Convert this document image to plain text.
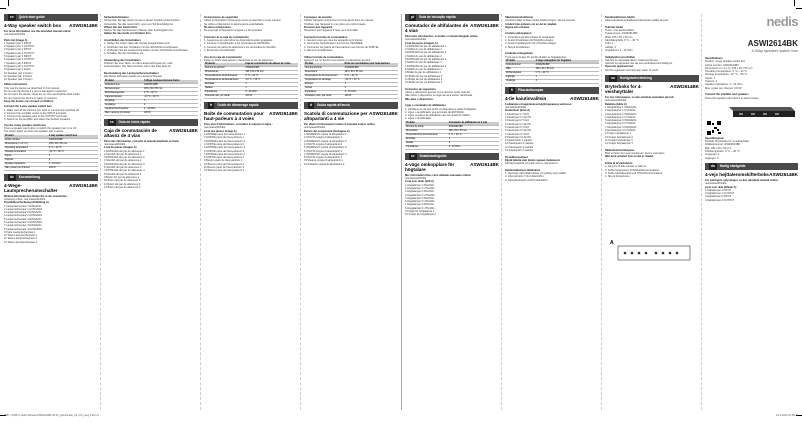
en	Quick start guide
4-Way speaker switch box ASWI2614BK

For more information see the extended manual online:

ned.is/aswi2614bk

Parts list (image A)

1 Speaker pair 1 INPUT

2 Speaker pair 1 OUTPUT

3 Speaker pair 2 INPUT

4 Speaker pair 2 OUTPUT

5 Speaker pair 3 INPUT

6 Speaker pair 3 OUTPUT

7 Speaker pair 4 INPUT

8 Speaker pair 4 OUTPUT

9 Speaker pair 1 button

10 Speaker pair 2 button

11 Speaker pair 3 button

12 Speaker pair 4 button

Safety instructions

Only use the device as described in this manual.

Do not use the device if a part is damaged or defective.

Do not open the device; there are no user serviceable parts inside.

Do not expose the device to water or moisture.

Keep the device out of reach of children.

Connect the 4-way speaker switch box

1. Make sure all the devices you want to connect are switched off.

2. Connect the amplifier output to the INPUT terminals.

3. Connect the speaker pairs to the OUTPUT terminals.

4. Switch on the amplifier and select the desired speakers.

Use the 4-way speaker switch box

Press a speaker pair button to switch the speaker pair on or off.

The button lights up when the speaker pair is active.

Product	4-way speaker switch box
Article number	ASWI2614BK
Dimensions (l x w x h)	195 x 60 x 55 mm
Operating temperature	0 °C ~ 40 °C
Storage temperature	-10 °C ~ 50 °C
Inputs	1
Outputs	4
Speaker impedance	4 - 16 Ohm
Max. power per channel	100 W
de	Kurzanleitung
4-Wege-Lautsprecherumschalter
ASWI2614BK

Weitere Informationen finden Sie in der erweiterten

Anleitung online: ned.is/aswi2614bk

Produktbeschreibung (Abbildung A)

1 Lautsprecherpaar 1 EINGANG

2 Lautsprecherpaar 1 AUSGANG

3 Lautsprecherpaar 2 EINGANG

4 Lautsprecherpaar 2 AUSGANG

5 Lautsprecherpaar 3 EINGANG

6 Lautsprecherpaar 3 AUSGANG

7 Lautsprecherpaar 4 EINGANG

8 Lautsprecherpaar 4 AUSGANG

9 Taste Lautsprecherpaar 1

10 Taste Lautsprecherpaar 2

11 Taste Lautsprecherpaar 3

12 Taste Lautsprecherpaar 4

Sicherheitshinweise

Verwenden Sie das Gerät nur wie in dieser Anleitung beschrieben.

Verwenden Sie das Gerät nicht, wenn ein Teil beschädigt ist.

Öffnen Sie das Gerät nicht.

Setzen Sie das Gerät keinem Wasser oder Feuchtigkeit aus.

Halten Sie das Gerät von Kindern fern.

Anschließen des Umschalters

1. Stellen Sie sicher, dass alle Geräte ausgeschaltet sind.

2. Verbinden Sie den Verstärker mit den EINGANG-Anschlüssen.

3. Verbinden Sie die Lautsprecherpaare mit den AUSGANG-Anschlüssen.

4. Schalten Sie den Verstärker ein.

Verwendung des Umschalters

Drücken Sie eine Taste, um das Lautsprecherpaar ein- oder

auszuschalten. Die Taste leuchtet, wenn das Paar aktiv ist.

Beschreibung des Lautsprecherumschalters

Die Tasten aktivieren jeweils ein Lautsprecherpaar.

Produkt	4-Wege-Lautsprecherumschalter
Artikelnummer	ASWI2614BK
Abmessungen	195 x 60 x 55 mm
Betriebstemperatur	0 °C ~ 40 °C
Lagertemperatur	-10 °C ~ 50 °C
Eingänge	1
Ausgänge	4
Lautsprecherimpedanz	4 - 16 Ohm
Max. Leistung pro Kanal	100 W
es	Guía de inicio rápido
Caja de conmutación de altavoz de 4 vías
ASWI2614BK

Para más información, consulte el manual ampliado en línea:

ned.is/aswi2614bk

Lista de piezas (imagen A)

1 ENTRADA del par de altavoces 1

2 SALIDA del par de altavoces 1

3 ENTRADA del par de altavoces 2

4 SALIDA del par de altavoces 2

5 ENTRADA del par de altavoces 3

6 SALIDA del par de altavoces 3

7 ENTRADA del par de altavoces 4

8 SALIDA del par de altavoces 4

9 Botón del par de altavoces 1

10 Botón del par de altavoces 2

11 Botón del par de altavoces 3

12 Botón del par de altavoces 4

Instrucciones de seguridad

Utilice el dispositivo únicamente como se describe en este manual.

No utilice el dispositivo si alguna pieza está dañada.

No abra el dispositivo.

No exponga el dispositivo al agua o a la humedad.

Conexión de la caja de conmutación

1. Asegúrese de que todos los dispositivos estén apagados.

2. Conecte el amplificador a los terminales de ENTRADA.

3. Conecte los pares de altavoces a los terminales de SALIDA.

4. Encienda el amplificador.

Uso de la caja de conmutación

Pulse un botón para activar o desactivar el par de altavoces.

Producto	Caja de conmutación de altavoz de 4 vías
Número de artículo	ASWI2614BK
Dimensiones	195 x 60 x 55 mm
Temperatura de funcionamiento	0 °C ~ 40 °C
Temperatura de almacenamiento	-10 °C ~ 50 °C
Entradas	1
Salidas	4
Impedancia	4 - 16 Ohm
Potencia máx. por canal	100 W
fr	Guide de démarrage rapide
Boîte de commutation pour haut-parleurs à 4 voies
ASWI2614BK

Pour plus d'informations, consultez le manuel en ligne :

ned.is/aswi2614bk

Liste des pièces (image A)

1 ENTRÉE paire de haut-parleurs 1

2 SORTIE paire de haut-parleurs 1

3 ENTRÉE paire de haut-parleurs 2

4 SORTIE paire de haut-parleurs 2

5 ENTRÉE paire de haut-parleurs 3

6 SORTIE paire de haut-parleurs 3

7 ENTRÉE paire de haut-parleurs 4

8 SORTIE paire de haut-parleurs 4

9 Bouton paire de haut-parleurs 1

10 Bouton paire de haut-parleurs 2

11 Bouton paire de haut-parleurs 3

12 Bouton paire de haut-parleurs 4

Consignes de sécurité

Utilisez l'appareil uniquement comme décrit dans ce manuel.

N'utilisez pas l'appareil si une pièce est endommagée.

N'ouvrez pas l'appareil.

N'exposez pas l'appareil à l'eau ou à l'humidité.

Connecter la boîte de commutation

1. Assurez-vous que tous les appareils sont éteints.

2. Connectez l'amplificateur aux bornes d'ENTRÉE.

3. Connectez les paires de haut-parleurs aux bornes de SORTIE.

4. Allumez l'amplificateur.

Utiliser la boîte de commutation

Appuyez sur un bouton pour activer ou désactiver la paire.

Produit	Boîte de commutation pour haut-parleurs
Numéro d'article	ASWI2614BK
Dimensions	195 x 60 x 55 mm
Température de fonctionnement	0 °C ~ 40 °C
Température de stockage	-10 °C ~ 50 °C
Entrées	1
Sorties	4
Impédance	4 - 16 Ohm
Puissance max. par canal	100 W
it	Guida rapida all'avvio
Scatola di commutazione per altoparlanti a 4 vie
ASWI2614BK

Per ulteriori informazioni vedere il manuale esteso online:

ned.is/aswi2614bk

Elenco dei componenti (immagine A)

1 INGRESSO coppia di altoparlanti 1

2 USCITA coppia di altoparlanti 1

3 INGRESSO coppia di altoparlanti 2

4 USCITA coppia di altoparlanti 2

5 INGRESSO coppia di altoparlanti 3

6 USCITA coppia di altoparlanti 3

7 INGRESSO coppia di altoparlanti 4

8 USCITA coppia di altoparlanti 4

9 Pulsante coppia di altoparlanti 1

10 Pulsante coppia di altoparlanti 2

pt	Guia de iniciação rápida
Comutador de altifalantes de 4 vias
ASWI2614BK

Para mais informações, consulte o manual alargado online:

ned.is/aswi2614bk

Lista de peças (imagem A)

1 ENTRADA do par de altifalantes 1

2 SAÍDA do par de altifalantes 1

3 ENTRADA do par de altifalantes 2

4 SAÍDA do par de altifalantes 2

5 ENTRADA do par de altifalantes 3

6 SAÍDA do par de altifalantes 3

7 ENTRADA do par de altifalantes 4

8 SAÍDA do par de altifalantes 4

9 Botão do par de altifalantes 1

10 Botão do par de altifalantes 2

11 Botão do par de altifalantes 3

12 Botão do par de altifalantes 4

Instruções de segurança

Utilize o dispositivo apenas como descrito neste manual.

Não utilize o dispositivo se alguma peça estiver danificada.

Não abra o dispositivo.

Ligar o comutador de altifalantes

1. Certifique-se de que todos os dispositivos estão desligados.

2. Ligue o amplificador aos terminais de ENTRADA.

3. Ligue os pares de altifalantes aos terminais de SAÍDA.

4. Ligue o amplificador.

Produto	Comutador de altifalantes de 4 vias
Número de artigo	ASWI2614BK
Dimensões	195 x 60 x 55 mm
Temperatura de funcionamento	0 °C ~ 40 °C
Entradas	1
Saídas	4
Impedância	4 - 16 Ohm
sv	Snabbstartsguide
4-vägs omkopplare för högtalare
ASWI2614BK

Mer information finns i den utökade manualen online:

ned.is/aswi2614bk

Lista över delar (bild A)

1 Högtalarpar 1 INGÅNG

2 Högtalarpar 1 UTGÅNG

3 Högtalarpar 2 INGÅNG

4 Högtalarpar 2 UTGÅNG

5 Högtalarpar 3 INGÅNG

6 Högtalarpar 3 UTGÅNG

7 Högtalarpar 4 INGÅNG

8 Högtalarpar 4 UTGÅNG

9 Knapp för högtalarpar 1

10 Knapp för högtalarpar 2

Säkerhetsinstruktioner

Använd endast enheten enligt beskrivningen i denna manual.

Använd inte enheten om en del är skadad.

Öppna inte enheten.

Ansluta omkopplaren

1. Kontrollera att alla enheter är avstängda.

2. Anslut förstärkaren till INGÅNG-uttagen.

3. Anslut högtalarparen till UTGÅNG-uttagen.

4. Slå på förstärkaren.

Använda omkopplaren

Tryck på en knapp för att slå på eller av högtalarparet.

Produkt	4-vägs omkopplare för högtalare
Artikelnummer	ASWI2614BK
Mått	195 x 60 x 55 mm
Drifttemperatur	0 °C ~ 40 °C
Ingångar	1
Utgångar	4
fi	Pika-aloitusopas
4-tie kaiutinvalitsin	ASWI2614BK

Lisätietoja on laajemmassa käyttöoppaassa verkossa:

ned.is/aswi2614bk

Osaluettelo (kuva A)

1 Kaiutinpari 1 TULO

2 Kaiutinpari 1 LÄHTÖ

3 Kaiutinpari 2 TULO

4 Kaiutinpari 2 LÄHTÖ

5 Kaiutinpari 3 TULO

6 Kaiutinpari 3 LÄHTÖ

7 Kaiutinpari 4 TULO

8 Kaiutinpari 4 LÄHTÖ

9 Kaiutinparin 1 painike

10 Kaiutinparin 2 painike

11 Kaiutinparin 3 painike

12 Kaiutinparin 4 painike

Turvallisuusohjeet

Käytä laitetta vain tämän oppaan mukaisesti.

Älä käytä laitetta, jos jokin osa on vaurioitunut.

Kaiutinvalitsimen liittäminen

1. Varmista, että kaikki laitteet on kytketty pois päältä.

2. Liitä vahvistin TULO-liitäntöihin.

3. Liitä kaiutinparit LÄHTÖ-liitäntöihin.

Kaiutinvalitsimen käyttö

Paina painiketta kytkeäksesi kaiutinparin päälle tai pois.

Tekniset tiedot

Tuote: 4-tie kaiutinvalitsin

Tuotenumero: ASWI2614BK

Mitat: 195 x 60 x 55 mm

Käyttölämpötila: 0 °C ~ 40 °C

Tulot: 1

Lähdöt: 4

Impedanssi: 4 - 16 Ohm

Veiligheidsvoorschriften

Gebruik het apparaat alleen zoals beschreven.

Gebruik het apparaat niet als een onderdeel beschadigd is.

Open het apparaat niet.

Stel het apparaat niet bloot aan water of vocht.

no	Hurtigstartveiledning
Bryterboks for 4-veishøyttaler
ASWI2614BK

For mer informasjon, se den utvidede manualen på nett:

ned.is/aswi2614bk

Deleliste (bilde A)

1 Høyttalerpar 1 INNGANG

2 Høyttalerpar 1 UTGANG

3 Høyttalerpar 2 INNGANG

4 Høyttalerpar 2 UTGANG

5 Høyttalerpar 3 INNGANG

6 Høyttalerpar 3 UTGANG

7 Høyttalerpar 4 INNGANG

8 Høyttalerpar 4 UTGANG

9 Knapp høyttalerpar 1

10 Knapp høyttalerpar 2

11 Knapp høyttalerpar 3

12 Knapp høyttalerpar 4

Sikkerhetsinstruksjoner

Bruk enheten kun som beskrevet i denne manualen.

Ikke bruk enheten hvis en del er skadet.

Koble til bryterboksen

1. Sørg for at alle enheter er slått av.

2. Koble forsterkeren til INNGANG-terminalene.

3. Koble høyttalerparene til UTGANG-terminalene.

4. Slå på forsterkeren.

nedis
ASWI2614BK
4-Way speaker switch box

Specifications

Product: 4-way speaker switch box

Article number: ASWI2614BK

Dimensions (l x w x h): 195 x 60 x 55 mm

Operating temperature: 0 °C ~ 40 °C

Storage temperature: -10 °C ~ 50 °C

Inputs: 1

Outputs: 4

Speaker impedance: 4 - 16 Ohm

Max. power per channel: 100 W

Connect the amplifier and speakers

Press the speaker pair buttons to select output

Spesifikasjoner

Produkt: Bryterboks for 4-veishøyttaler

Artikkelnummer: ASWI2614BK

Mål: 195 x 60 x 55 mm

Driftstemperatur: 0 °C ~ 40 °C

Innganger: 1

Utganger: 4

da	Hurtig startguide
4-vejs højttaleromskifterboks ASWI2614BK

For yderligere oplysninger, se den udvidede manual online:

ned.is/aswi2614bk

Liste over dele (billede A)

1 Højttalerpar 1 INPUT

2 Højttalerpar 1 OUTPUT

3 Højttalerpar 2 INPUT

4 Højttalerpar 2 OUTPUT

A
9607 | ASW3 | Nedis Manual ASWI2614BK 96.ID_QuickGuide_A4 | A3_Lang.indd 1-2	19-4-2023 10:59:31
